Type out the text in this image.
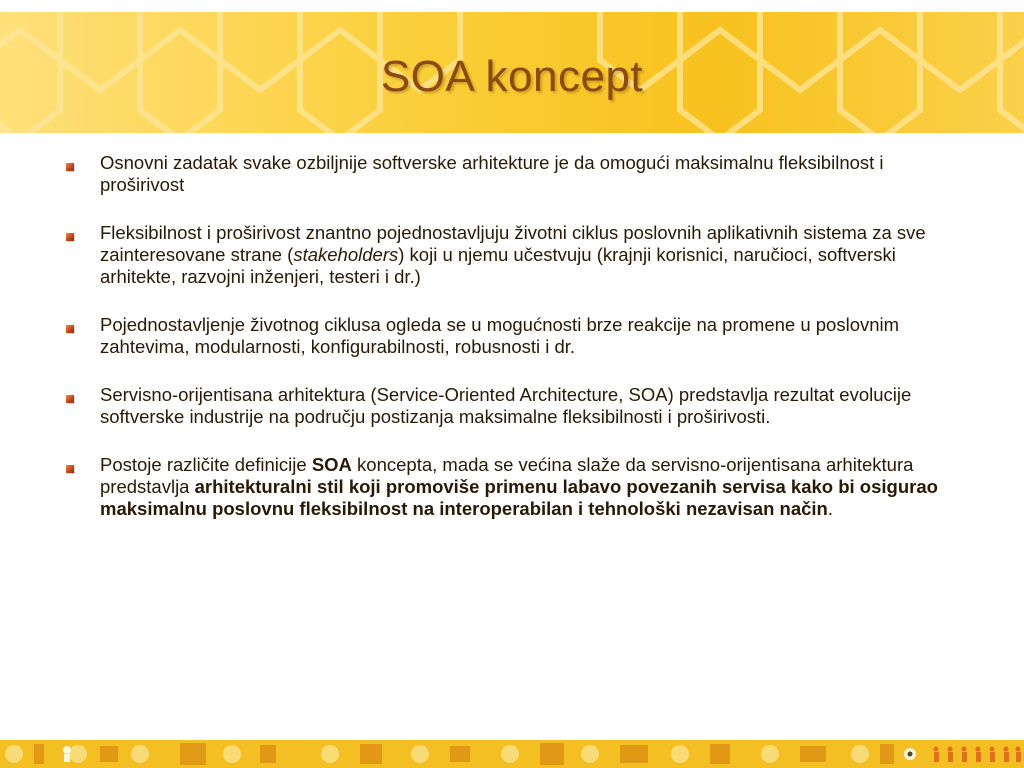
SOA koncept
Osnovni zadatak svake ozbiljnije softverske arhitekture je da omogući maksimalnu fleksibilnost i proširivost
Fleksibilnost i proširivost znantno pojednostavljuju životni ciklus poslovnih aplikativnih sistema za sve zainteresovane strane (stakeholders) koji u njemu učestvuju (krajnji korisnici, naručioci, softverski arhitekte, razvojni inženjeri, testeri i dr.)
Pojednostavljenje životnog ciklusa ogleda se u mogućnosti brze reakcije na promene u poslovnim zahtevima, modularnosti, konfigurabilnosti, robusnosti i dr.
Servisno-orijentisana arhitektura (Service-Oriented Architecture, SOA) predstavlja rezultat evolucije softverske industrije na području postizanja maksimalne fleksibilnosti i proširivosti.
Postoje različite definicije SOA koncepta, mada se većina slaže da servisno-orijentisana arhitektura predstavlja arhitekturalni stil koji promoviše primenu labavo povezanih servisa kako bi osigurao maksimalnu poslovnu fleksibilnost na interoperabilan i tehnološki nezavisan način.
